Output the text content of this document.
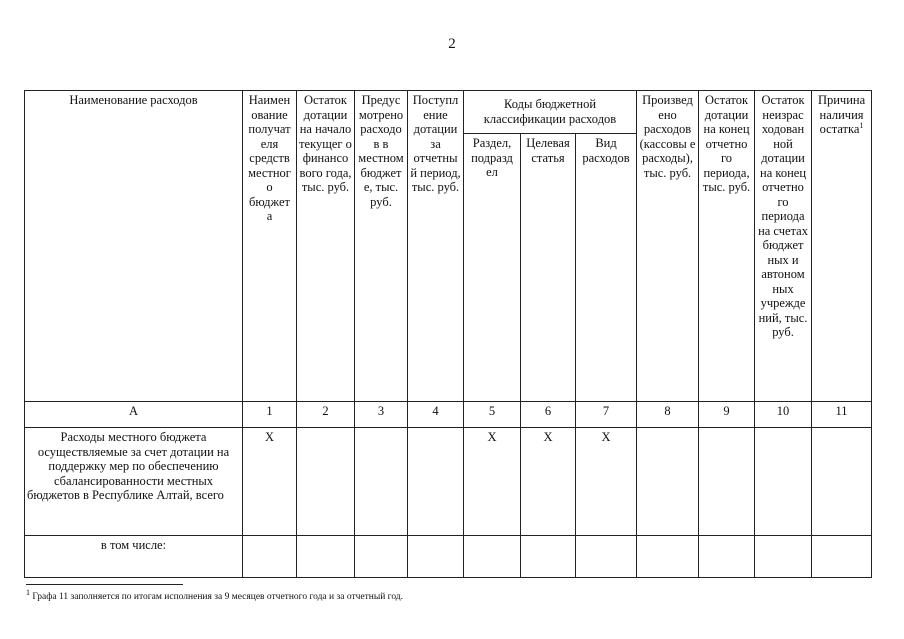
2
Наименование расходов	Наимен ование получат еля средств местног о бюджет а	Остаток дотации на начало текущег о финансо вого года, тыс. руб.	Предус мотрено расходо в в местном бюджет е, тыс. руб.	Поступл ение дотации за отчетны й период, тыс. руб.	Коды бюджетной классификации расходов			Произвед ено расходов (кассовы е расходы), тыс. руб.	Остаток дотации на конец отчетно го периода, тыс. руб.	Остаток неизрас ходован ной дотации на конец отчетно го периода на счетах бюджет ных и автоном ных учрежде ний, тыс. руб.	Причина наличия остатка$^1$
					Раздел, подразд ел	Целевая статья	Вид расходов				
А	1	2	3	4	5	6	7	8	9	10	11
Расходы местного бюджета осуществляемые за счет дотации на поддержку мер по обеспечению сбалансированности местных бюджетов в Республике Алтай, всего	Х				Х	Х	Х				
в том числе:											
$^1$ Графа 11 заполняется по итогам исполнения за 9 месяцев отчетного года и за отчетный год.
